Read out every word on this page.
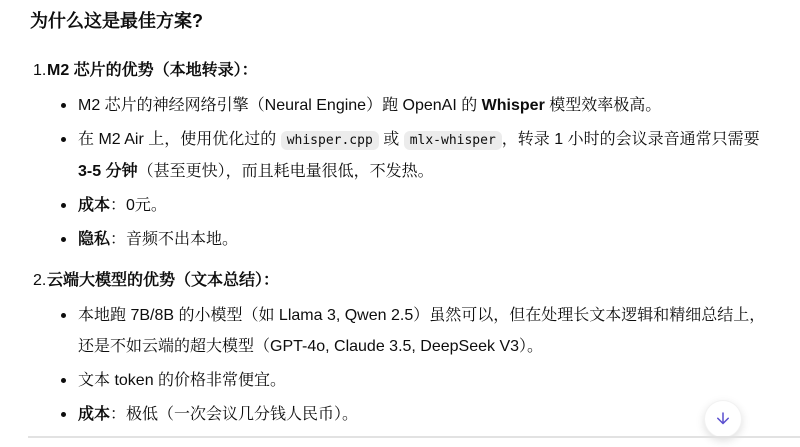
为什么这是最佳方案?
1.M2 芯片的优势（本地转录）：
M2 芯片的神经网络引擎（Neural Engine）跑 OpenAI 的 Whisper 模型效率极高。
在 M2 Air 上，使用优化过的 whisper.cpp 或 mlx-whisper ，转录 1 小时的会议录音通常只需要 3-5 分钟（甚至更快），而且耗电量很低，不发热。
成本：0元。
隐私：音频不出本地。
2.云端大模型的优势（文本总结）：
本地跑 7B/8B 的小模型（如 Llama 3, Qwen 2.5）虽然可以，但在处理长文本逻辑和精细总结上，还是不如云端的超大模型（GPT-4o, Claude 3.5, DeepSeek V3）。
文本 token 的价格非常便宜。
成本：极低（一次会议几分钱人民币）。
